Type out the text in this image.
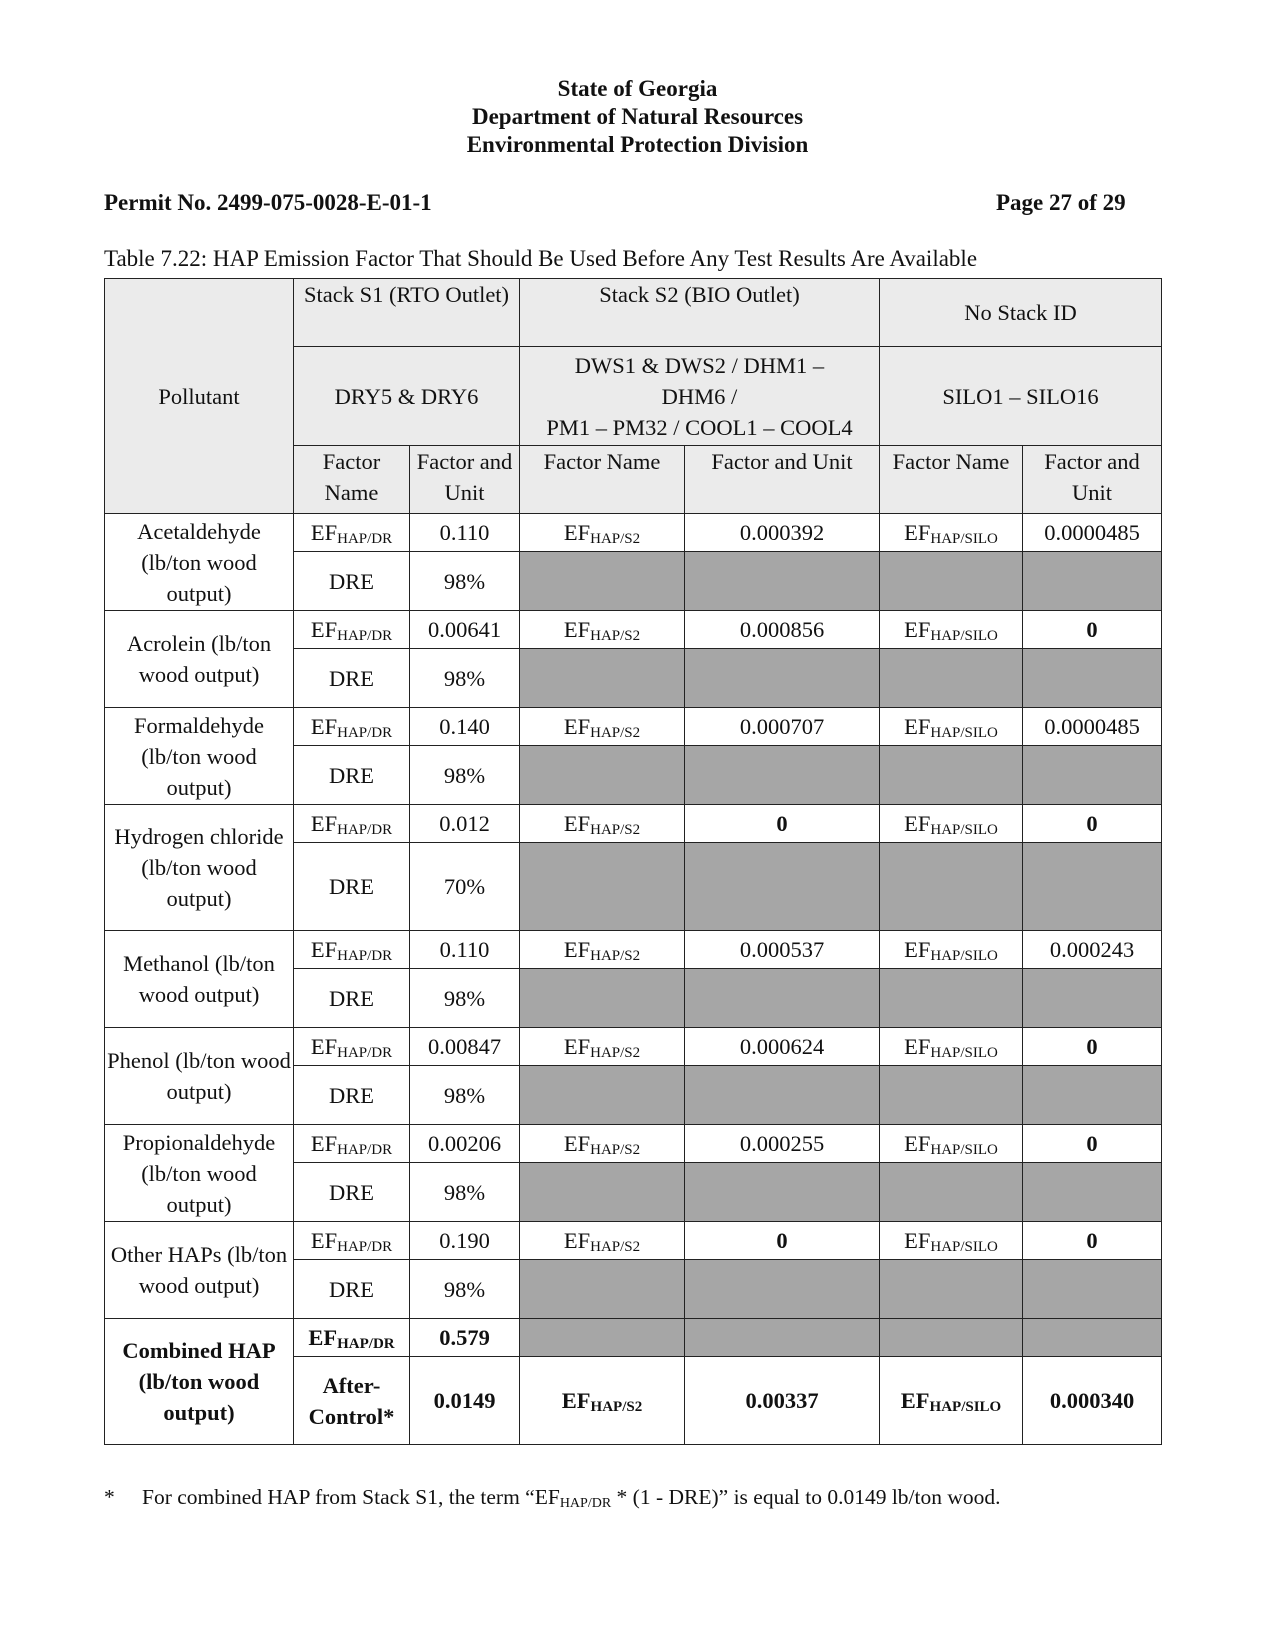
State of Georgia
Department of Natural Resources
Environmental Protection Division
Permit No. 2499-075-0028-E-01-1	Page 27 of 29
Table 7.22: HAP Emission Factor That Should Be Used Before Any Test Results Are Available
Pollutant	Stack S1 (RTO Outlet)		Stack S2 (BIO Outlet)		No Stack ID	
	DRY5 & DRY6		DWS1 & DWS2 / DHM1 –
DHM6 /
PM1 – PM32 / COOL1 – COOL4		SILO1 – SILO16	
	Factor Name	Factor and Unit	Factor Name	Factor and Unit	Factor Name	Factor and Unit
Acetaldehyde (lb/ton wood output)	$EF_{HAP/DR}$	0.110	$EF_{HAP/S2}$	0.000392	$EF_{HAP/SILO}$	0.0000485
	DRE	98%				
Acrolein (lb/ton wood output)	$EF_{HAP/DR}$	0.00641	$EF_{HAP/S2}$	0.000856	$EF_{HAP/SILO}$	0
	DRE	98%				
Formaldehyde (lb/ton wood output)	$EF_{HAP/DR}$	0.140	$EF_{HAP/S2}$	0.000707	$EF_{HAP/SILO}$	0.0000485
	DRE	98%				
Hydrogen chloride (lb/ton wood output)	$EF_{HAP/DR}$	0.012	$EF_{HAP/S2}$	0	$EF_{HAP/SILO}$	0
	DRE	70%				
Methanol (lb/ton wood output)	$EF_{HAP/DR}$	0.110	$EF_{HAP/S2}$	0.000537	$EF_{HAP/SILO}$	0.000243
	DRE	98%				
Phenol (lb/ton wood output)	$EF_{HAP/DR}$	0.00847	$EF_{HAP/S2}$	0.000624	$EF_{HAP/SILO}$	0
	DRE	98%				
Propionaldehyde (lb/ton wood output)	$EF_{HAP/DR}$	0.00206	$EF_{HAP/S2}$	0.000255	$EF_{HAP/SILO}$	0
	DRE	98%				
Other HAPs (lb/ton wood output)	$EF_{HAP/DR}$	0.190	$EF_{HAP/S2}$	0	$EF_{HAP/SILO}$	0
	DRE	98%				
Combined HAP (lb/ton wood output)	$EF_{HAP/DR}$	0.579				
	After-Control*	0.0149	$EF_{HAP/S2}$	0.00337	$EF_{HAP/SILO}$	0.000340
* For combined HAP from Stack S1, the term “$EF_{HAP/DR} * (1 - DRE)$” is equal to 0.0149 lb/ton wood.
